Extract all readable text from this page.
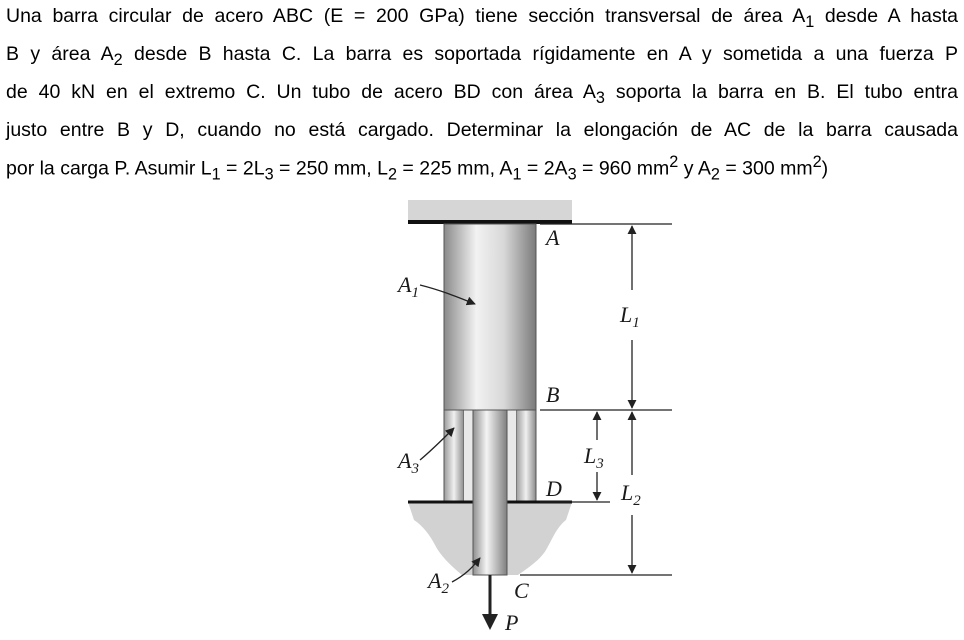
Una barra circular de acero ABC (E = 200 GPa) tiene sección transversal de área $A_1$ desde A hasta
B y área $A_2$ desde B hasta C. La barra es soportada rígidamente en A y sometida a una fuerza P
de 40 kN en el extremo C. Un tubo de acero BD con área $A_3$ soporta la barra en B. El tubo entra
justo entre B y D, cuando no está cargado. Determinar la elongación de AC de la barra causada
por la carga P. Asumir $L_1 = 2L_3 = 250$ mm, $L_2 = 225$ mm, $A_1 = 2A_3 = 960$ $mm^2$ y $A_2 = 300$ $mm^2$)
A
B
D
C
P
$A_1$
$A_3$
$A_2$
$L_1$
$L_3$
$L_2$
